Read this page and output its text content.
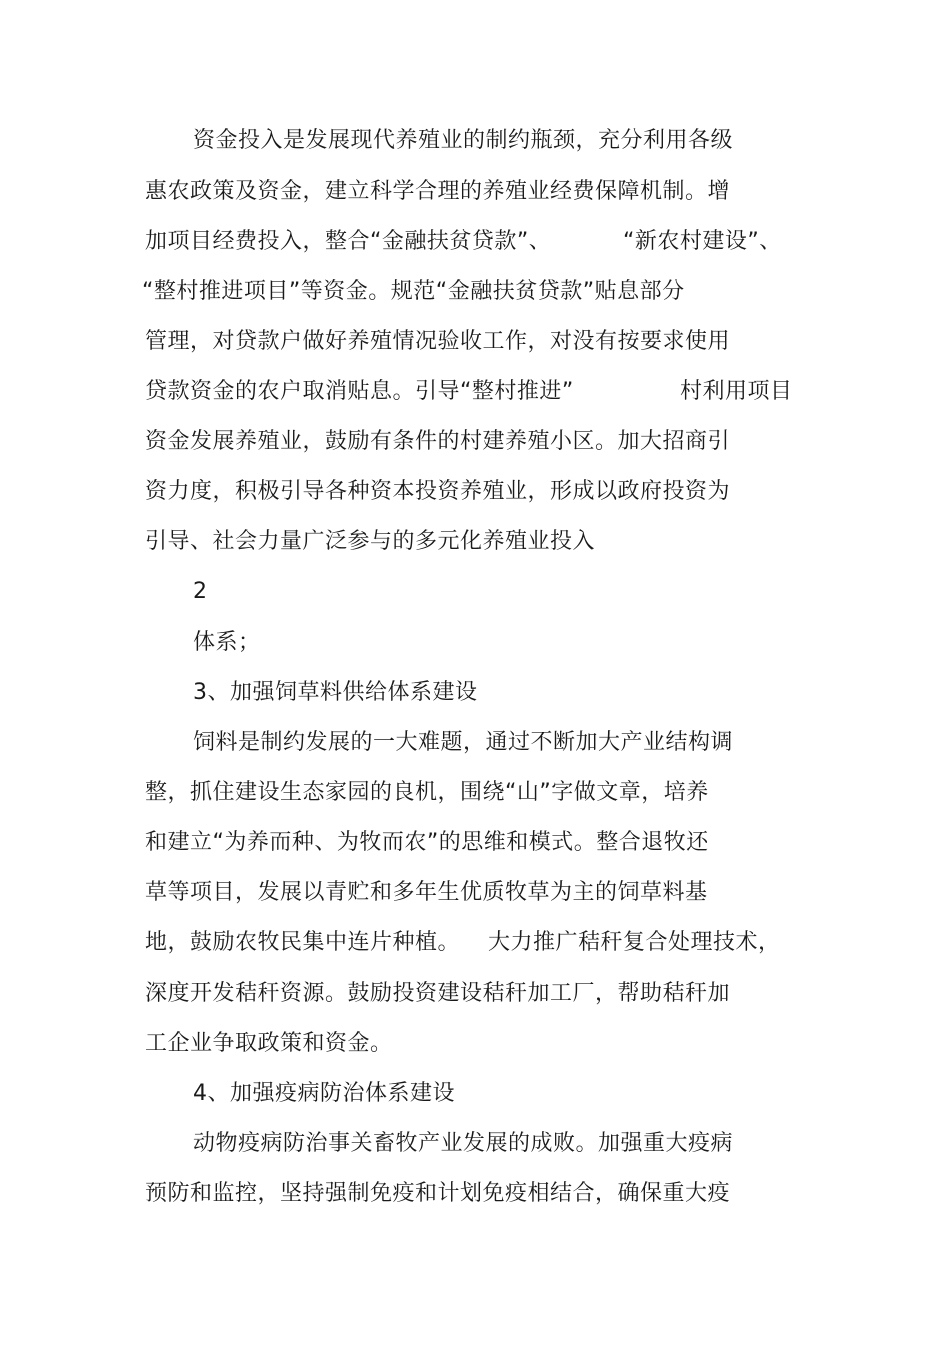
资金投入是发展现代养殖业的制约瓶颈，充分利用各级
惠农政策及资金，建立科学合理的养殖业经费保障机制。增
加项目经费投入，整合“金融扶贫贷款”、	“新农村建设”、
“整村推进项目”等资金。规范“金融扶贫贷款”贴息部分
管理，对贷款户做好养殖情况验收工作，对没有按要求使用
贷款资金的农户取消贴息。引导“整村推进”	村利用项目
资金发展养殖业，鼓励有条件的村建养殖小区。加大招商引
资力度，积极引导各种资本投资养殖业，形成以政府投资为
引导、社会力量广泛参与的多元化养殖业投入
2
体系；
3、加强饲草料供给体系建设
饲料是制约发展的一大难题，通过不断加大产业结构调
整，抓住建设生态家园的良机，围绕“山”字做文章，培养
和建立“为养而种、为牧而农”的思维和模式。整合退牧还
草等项目，发展以青贮和多年生优质牧草为主的饲草料基
地，鼓励农牧民集中连片种植。 大力推广秸秆复合处理技术，
深度开发秸秆资源。鼓励投资建设秸秆加工厂，帮助秸秆加
工企业争取政策和资金。
4、加强疫病防治体系建设
动物疫病防治事关畜牧产业发展的成败。加强重大疫病
预防和监控，坚持强制免疫和计划免疫相结合，确保重大疫
